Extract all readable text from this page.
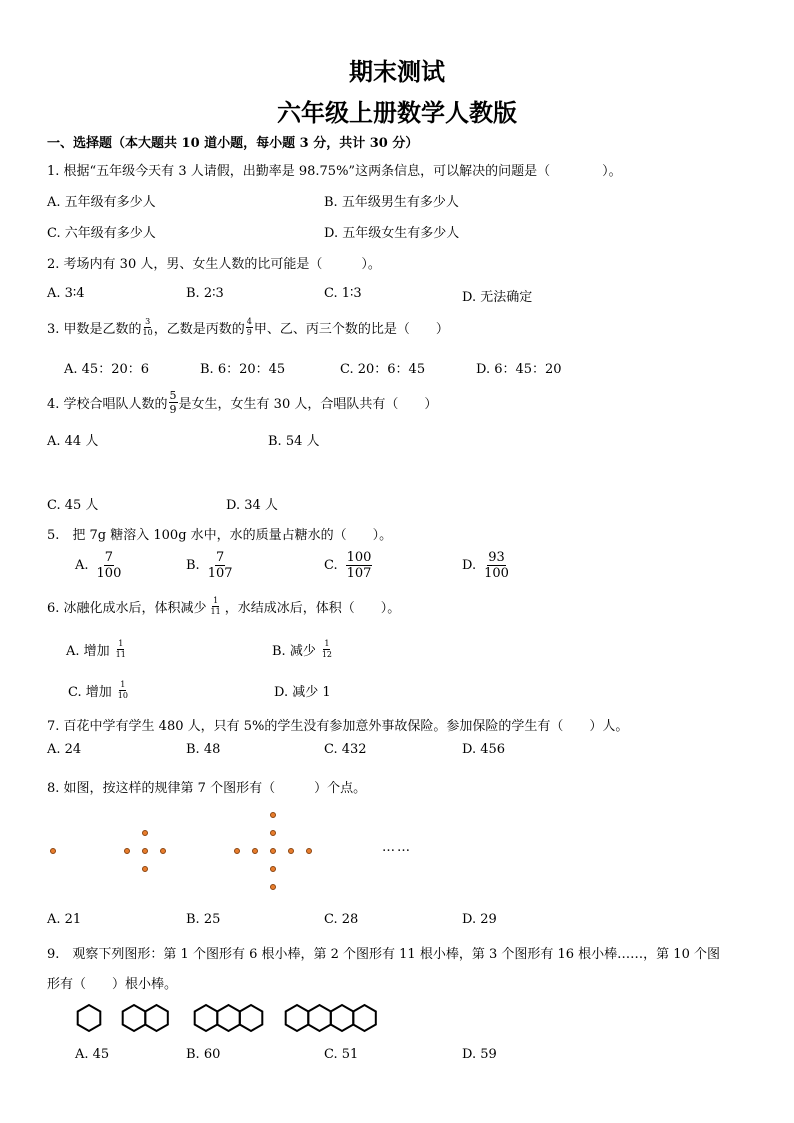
期末测试
六年级上册数学人教版
一、选择题（本大题共 10 道小题，每小题 3 分，共计 30 分）
1. 根据“五年级今天有 3 人请假，出勤率是 98.75%”这两条信息，可以解决的问题是（　　　　）。
A. 五年级有多少人	B. 五年级男生有多少人
C. 六年级有多少人	D. 五年级女生有多少人
2. 考场内有 30 人，男、女生人数的比可能是（　　　）。
A. 3∶4	B. 2∶3	C. 1∶3	D. 无法确定
3. 甲数是乙数的 $\frac{3}{10}$ ，乙数是丙数的 $\frac{4}{9}$ 甲、乙、丙三个数的比是（　　）
A. 45：20：6	B. 6：20：45	C. 20：6：45	D. 6：45：20
4. 学校合唱队人数的 $\frac{5}{9}$ 是女生，女生有 30 人，合唱队共有（　　）
A. 44 人	B. 54 人
C. 45 人	D. 34 人
5.　把 7g 糖溶入 100g 水中，水的质量占糖水的（　　）。
A. $\frac{7}{100}$	B. $\frac{7}{107}$	C. $\frac{100}{107}$	D. $\frac{93}{100}$
6. 冰融化成水后，体积减少 $\frac{1}{11}$ ，水结成冰后，体积（　　）。
A. 增加 $\frac{1}{11}$	B. 减少 $\frac{1}{12}$
C. 增加 $\frac{1}{10}$	D. 减少 1
7. 百花中学有学生 480 人，只有 5%的学生没有参加意外事故保险。参加保险的学生有（　　）人。
A. 24	B. 48	C. 432	D. 456
8. 如图，按这样的规律第 7 个图形有（　　　）个点。
……
A. 21	B. 25	C. 28	D. 29
9.　观察下列图形：第 1 个图形有 6 根小棒，第 2 个图形有 11 根小棒，第 3 个图形有 16 根小棒……，第 10 个图
形有（　　）根小棒。
A. 45	B. 60	C. 51	D. 59
